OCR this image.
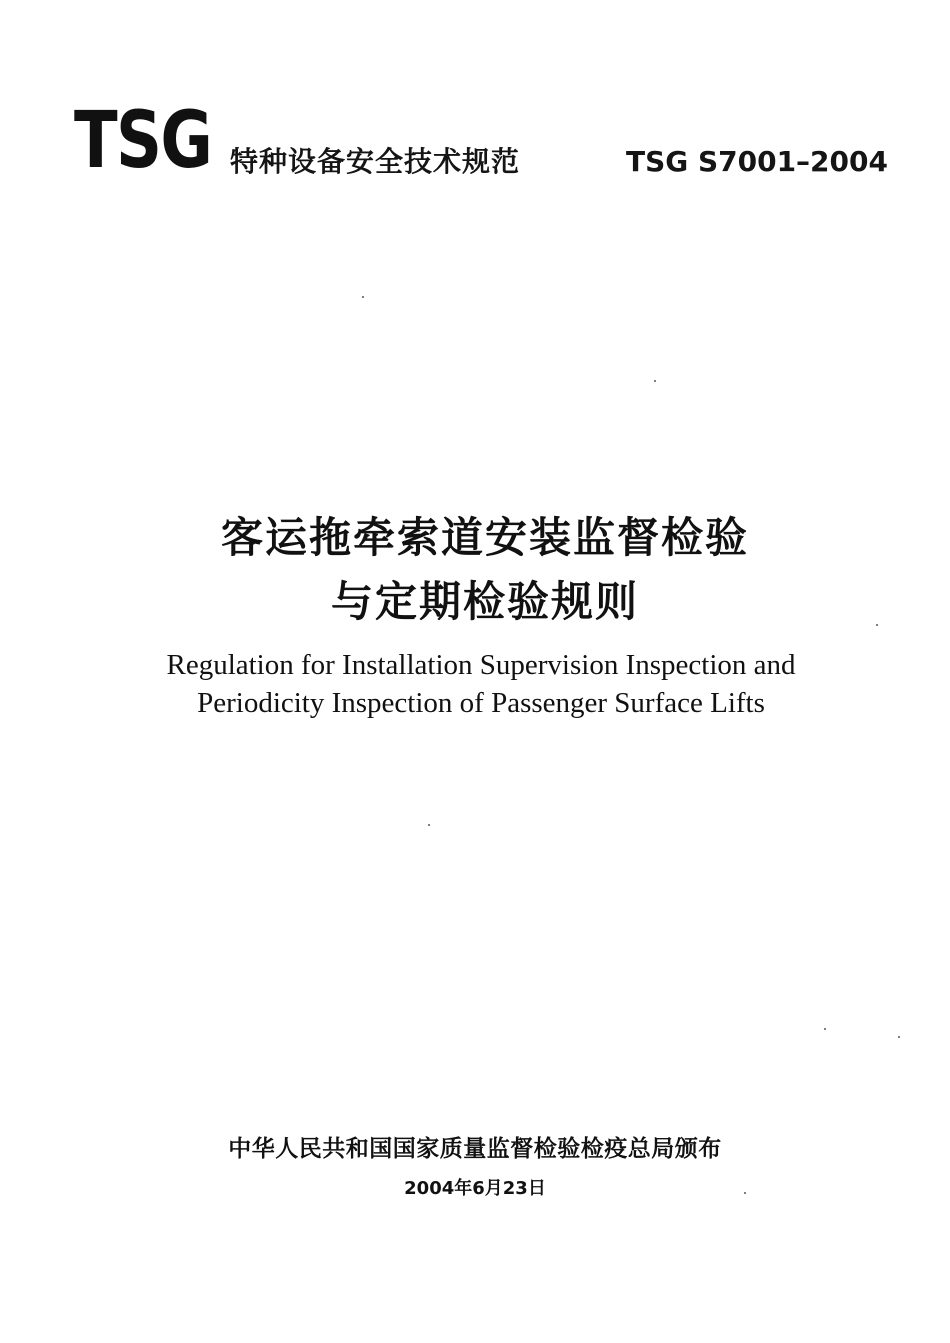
TSG 特种设备安全技术规范	TSG S7001–2004
客运拖牵索道安装监督检验
与定期检验规则
Regulation for Installation Supervision Inspection and
Periodicity Inspection of Passenger Surface Lifts
中华人民共和国国家质量监督检验检疫总局颁布
2004年6月23日
